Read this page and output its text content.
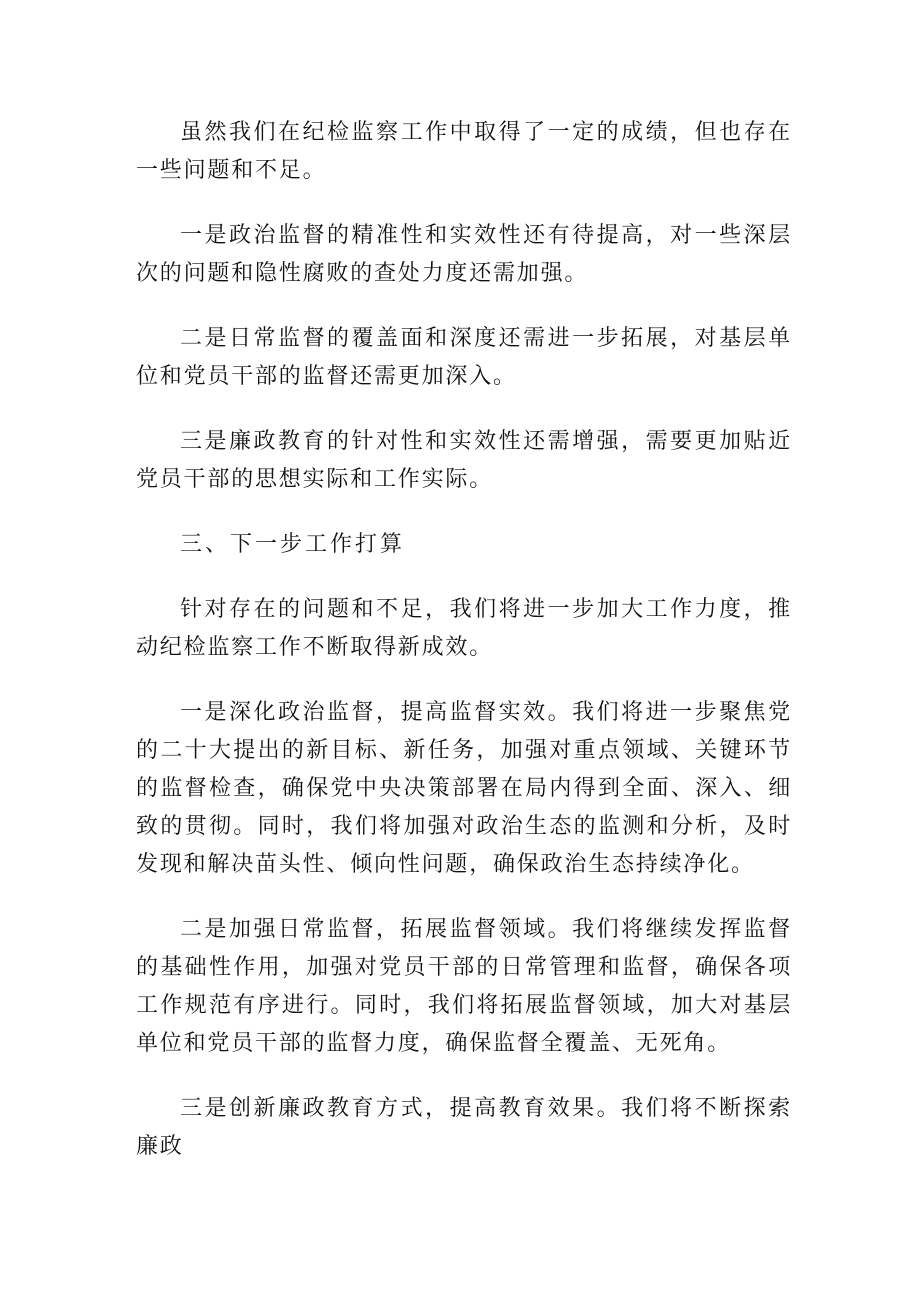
虽然我们在纪检监察工作中取得了一定的成绩，但也存在一些问题和不足。

一是政治监督的精准性和实效性还有待提高，对一些深层次的问题和隐性腐败的查处力度还需加强。

二是日常监督的覆盖面和深度还需进一步拓展，对基层单位和党员干部的监督还需更加深入。

三是廉政教育的针对性和实效性还需增强，需要更加贴近党员干部的思想实际和工作实际。

三、下一步工作打算

针对存在的问题和不足，我们将进一步加大工作力度，推动纪检监察工作不断取得新成效。

一是深化政治监督，提高监督实效。我们将进一步聚焦党的二十大提出的新目标、新任务，加强对重点领域、关键环节的监督检查，确保党中央决策部署在局内得到全面、深入、细致的贯彻。同时，我们将加强对政治生态的监测和分析，及时发现和解决苗头性、倾向性问题，确保政治生态持续净化。

二是加强日常监督，拓展监督领域。我们将继续发挥监督的基础性作用，加强对党员干部的日常管理和监督，确保各项工作规范有序进行。同时，我们将拓展监督领域，加大对基层单位和党员干部的监督力度，确保监督全覆盖、无死角。

三是创新廉政教育方式，提高教育效果。我们将不断探索廉政
